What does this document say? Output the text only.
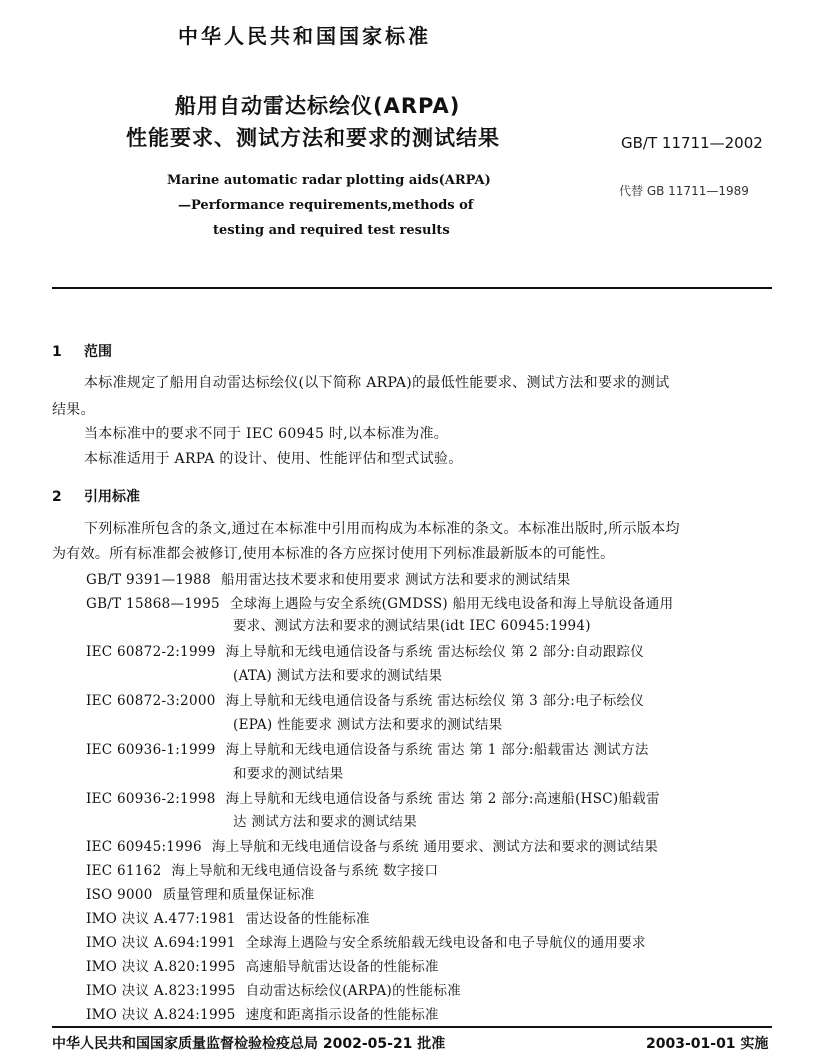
中华人民共和国国家标准
船用自动雷达标绘仪(ARPA)
性能要求、测试方法和要求的测试结果	GB/T 11711—2002
代替 GB 11711—1989
Marine automatic radar plotting aids(ARPA)
—Performance requirements,methods of
testing and required test results
1 范围
本标准规定了船用自动雷达标绘仪(以下简称 ARPA)的最低性能要求、测试方法和要求的测试
结果。
当本标准中的要求不同于 IEC 60945 时,以本标准为准。
本标准适用于 ARPA 的设计、使用、性能评估和型式试验。
2 引用标准
下列标准所包含的条文,通过在本标准中引用而构成为本标准的条文。本标准出版时,所示版本均
为有效。所有标准都会被修订,使用本标准的各方应探讨使用下列标准最新版本的可能性。
GB/T 9391—1988 船用雷达技术要求和使用要求 测试方法和要求的测试结果
GB/T 15868—1995 全球海上遇险与安全系统(GMDSS) 船用无线电设备和海上导航设备通用
要求、测试方法和要求的测试结果(idt IEC 60945:1994)
IEC 60872-2:1999 海上导航和无线电通信设备与系统 雷达标绘仪 第 2 部分:自动跟踪仪
(ATA) 测试方法和要求的测试结果
IEC 60872-3:2000 海上导航和无线电通信设备与系统 雷达标绘仪 第 3 部分:电子标绘仪
(EPA) 性能要求 测试方法和要求的测试结果
IEC 60936-1:1999 海上导航和无线电通信设备与系统 雷达 第 1 部分:船载雷达 测试方法
和要求的测试结果
IEC 60936-2:1998 海上导航和无线电通信设备与系统 雷达 第 2 部分:高速船(HSC)船载雷
达 测试方法和要求的测试结果
IEC 60945:1996 海上导航和无线电通信设备与系统 通用要求、测试方法和要求的测试结果
IEC 61162 海上导航和无线电通信设备与系统 数字接口
ISO 9000 质量管理和质量保证标准
IMO 决议 A.477:1981 雷达设备的性能标准
IMO 决议 A.694:1991 全球海上遇险与安全系统船载无线电设备和电子导航仪的通用要求
IMO 决议 A.820:1995 高速船导航雷达设备的性能标准
IMO 决议 A.823:1995 自动雷达标绘仪(ARPA)的性能标准
IMO 决议 A.824:1995 速度和距离指示设备的性能标准
中华人民共和国国家质量监督检验检疫总局 2002-05-21 批准	2003-01-01 实施
